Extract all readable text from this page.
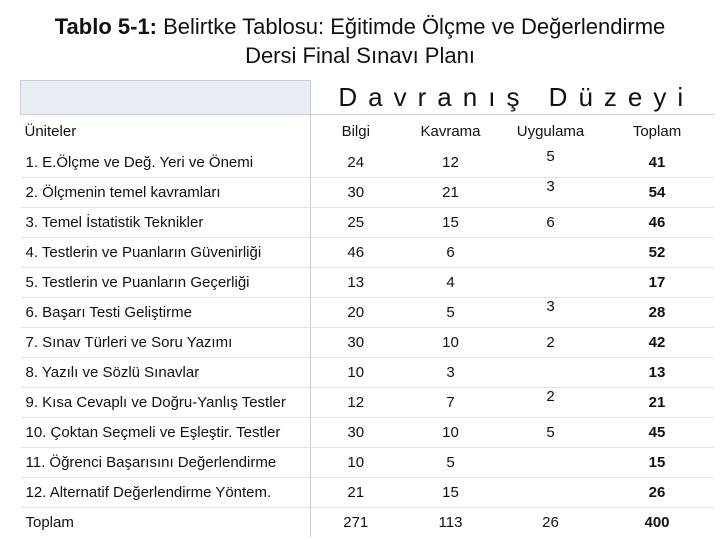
Tablo 5-1: Belirtke Tablosu: Eğitimde Ölçme ve Değerlendirme
Dersi Final Sınavı Planı
	Davranış Düzeyi			
Üniteler	Bilgi	Kavrama	Uygulama	Toplam
1. E.Ölçme ve Değ. Yeri ve Önemi	24	12	5	41
2. Ölçmenin temel kavramları	30	21	3	54
3. Temel İstatistik Teknikler	25	15	6	46
4. Testlerin ve Puanların Güvenirliği	46	6		52
5. Testlerin ve Puanların Geçerliği	13	4		17
6. Başarı Testi Geliştirme	20	5	3	28
7. Sınav Türleri ve Soru Yazımı	30	10	2	42
8. Yazılı ve Sözlü Sınavlar	10	3		13
9. Kısa Cevaplı ve Doğru-Yanlış Testler	12	7	2	21
10. Çoktan Seçmeli ve Eşleştir. Testler	30	10	5	45
11. Öğrenci Başarısını Değerlendirme	10	5		15
12. Alternatif Değerlendirme Yöntem.	21	15		26
Toplam	271	113	26	400
